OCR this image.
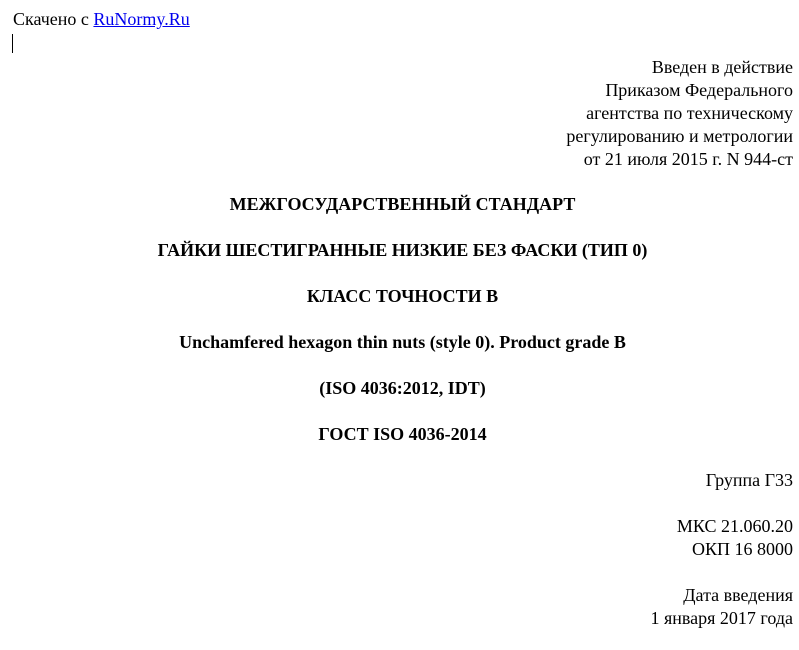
Скачено с RuNormy.Ru
Введен в действие
Приказом Федерального
агентства по техническому
регулированию и метрологии
от 21 июля 2015 г. N 944-ст
МЕЖГОСУДАРСТВЕННЫЙ СТАНДАРТ
ГАЙКИ ШЕСТИГРАННЫЕ НИЗКИЕ БЕЗ ФАСКИ (ТИП 0)
КЛАСС ТОЧНОСТИ В
Unchamfered hexagon thin nuts (style 0). Product grade B
(ISO 4036:2012, IDT)
ГОСТ ISO 4036-2014
Группа Г33
МКС 21.060.20
ОКП 16 8000
Дата введения
1 января 2017 года
